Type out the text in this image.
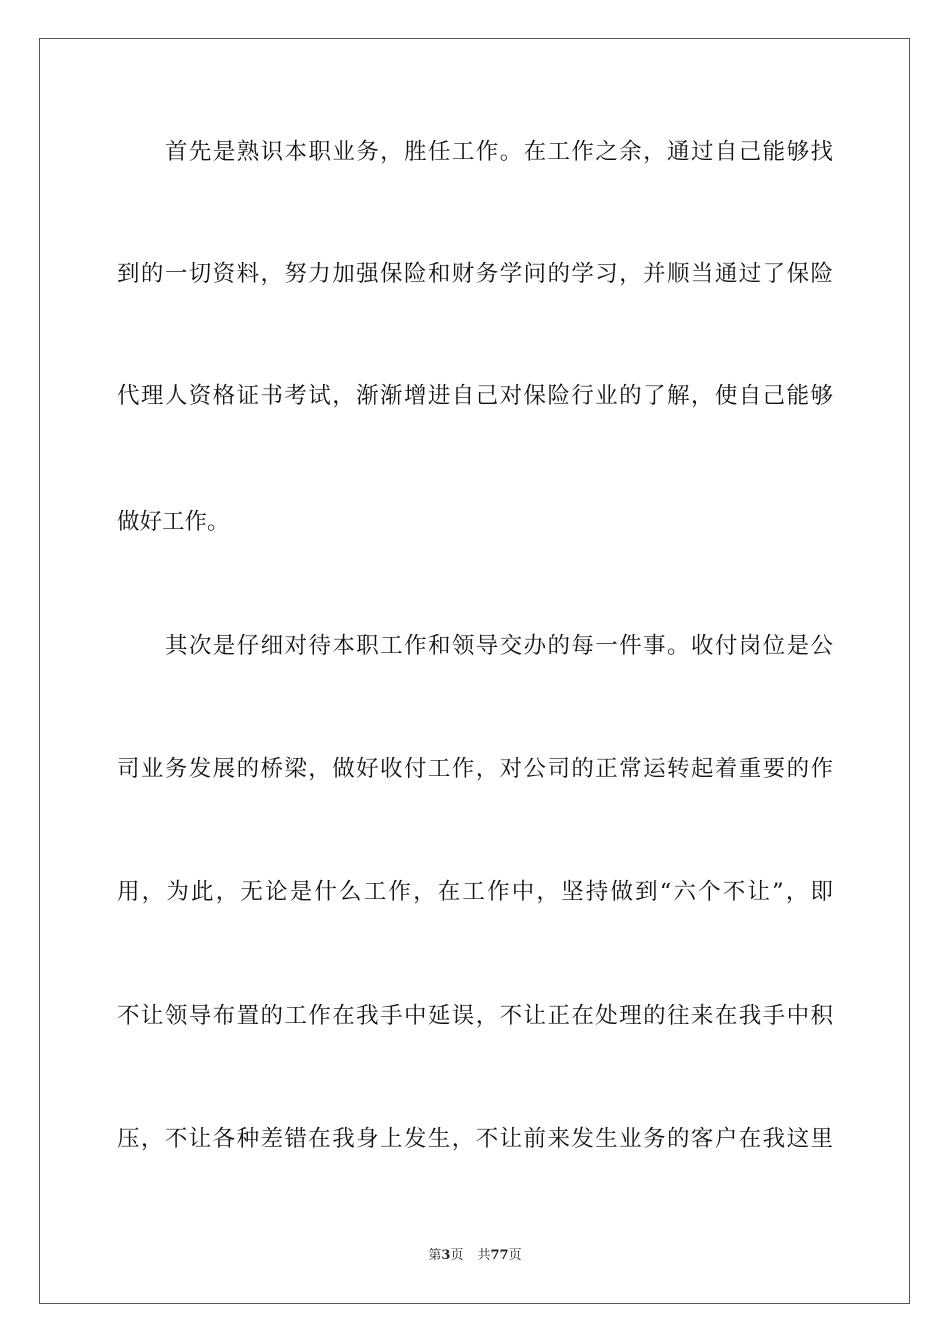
首先是熟识本职业务，胜任工作。在工作之余，通过自己能够找
到的一切资料，努力加强保险和财务学问的学习，并顺当通过了保险
代理人资格证书考试，渐渐增进自己对保险行业的了解，使自己能够
做好工作。
其次是仔细对待本职工作和领导交办的每一件事。收付岗位是公
司业务发展的桥梁，做好收付工作，对公司的正常运转起着重要的作
用，为此，无论是什么工作，在工作中，坚持做到“六个不让”，即
不让领导布置的工作在我手中延误，不让正在处理的往来在我手中积
压，不让各种差错在我身上发生，不让前来发生业务的客户在我这里
第3页 共77页
